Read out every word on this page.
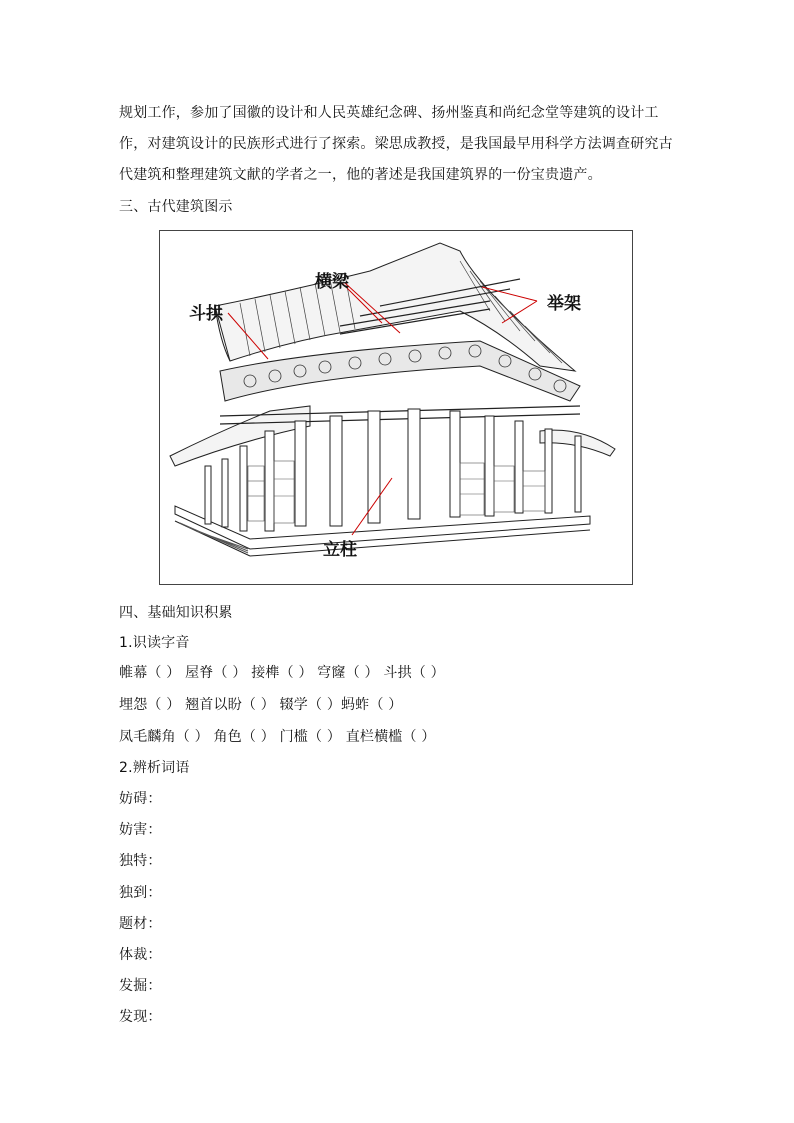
规划工作，参加了国徽的设计和人民英雄纪念碑、扬州鉴真和尚纪念堂等建筑的设计工
作，对建筑设计的民族形式进行了探索。梁思成教授，是我国最早用科学方法调查研究古
代建筑和整理建筑文献的学者之一，他的著述是我国建筑界的一份宝贵遗产。
三、古代建筑图示
斗拱
横梁
举架
立柱
四、基础知识积累
1.识读字音
帷幕（ ） 屋脊（ ） 接榫（ ） 穹窿（ ） 斗拱（ ）
埋怨（ ） 翘首以盼（ ） 辍学（ ）蚂蚱（ ）
凤毛麟角（ ） 角色（ ） 门槛（ ） 直栏横槛（ ）
2.辨析词语
妨碍：
妨害：
独特：
独到：
题材：
体裁：
发掘：
发现：
